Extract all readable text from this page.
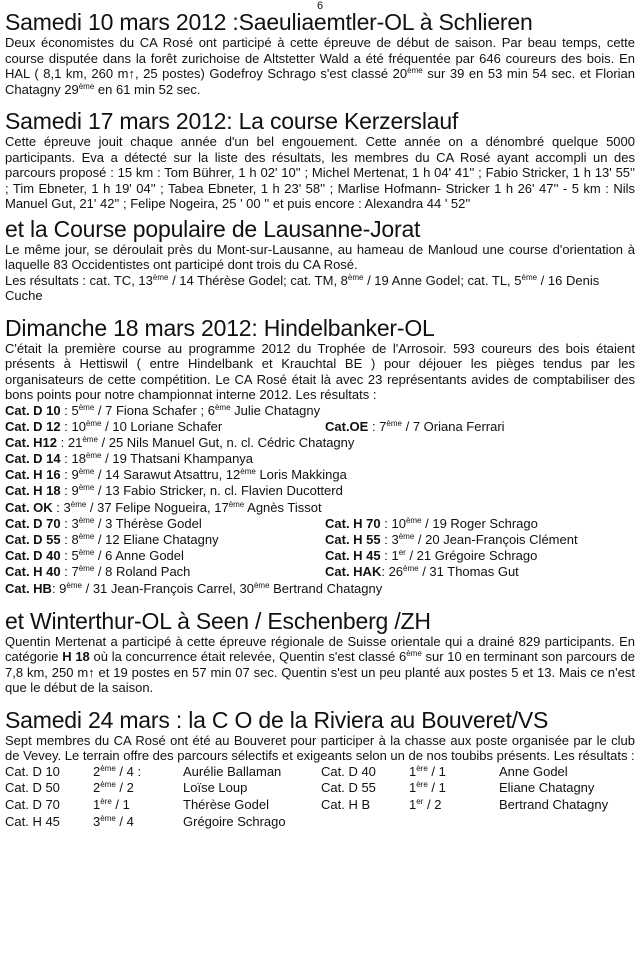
6
Samedi 10 mars 2012 :Saeuliaemtler-OL à Schlieren

Deux économistes du CA Rosé ont participé à cette épreuve de début de saison. Par beau temps, cette course disputée dans la forêt zurichoise de Altstetter Wald a été fréquentée par 646 coureurs des bois. En HAL ( 8,1 km, 260 m↑, 25 postes) Godefroy Schrago s'est classé 20ème sur 39 en 53 min 54 sec. et Florian Chatagny 29ème en 61 min 52 sec.

Samedi 17 mars 2012: La course Kerzerslauf

Cette épreuve jouit chaque année d'un bel engouement. Cette année on a dénombré quelque 5000 participants. Eva a détecté sur la liste des résultats, les membres du CA Rosé ayant accompli un des parcours proposé : 15 km : Tom Bührer, 1 h 02' 10'' ; Michel Mertenat, 1 h 04' 41'' ; Fabio Stricker, 1 h 13' 55'' ; Tim Ebneter, 1 h 19' 04'' ; Tabea Ebneter, 1 h 23' 58'' ; Marlise Hofmann- Stricker 1 h 26' 47'' - 5 km : Nils Manuel Gut, 21' 42'' ; Felipe Nogeira, 25 ' 00 '' et puis encore : Alexandra 44 ' 52''

et la Course populaire de Lausanne-Jorat

Le même jour, se déroulait près du Mont-sur-Lausanne, au hameau de Manloud une course d'orientation à laquelle 83 Occidentistes ont participé dont trois du CA Rosé.

Les résultats : cat. TC, 13ème / 14 Thérèse Godel; cat. TM, 8ème / 19 Anne Godel; cat. TL, 5ème / 16 Denis Cuche

Dimanche 18 mars 2012: Hindelbanker-OL

C'était la première course au programme 2012 du Trophée de l'Arrosoir. 593 coureurs des bois étaient présents à Hettiswil ( entre Hindelbank et Krauchtal BE ) pour déjouer les pièges tendus par les organisateurs de cette compétition. Le CA Rosé était là avec 23 représentants avides de comptabiliser des bons points pour notre championnat interne 2012. Les résultats :

Cat. D 10 : 5ème / 7 Fiona Schafer ; 6ème Julie Chatagny
Cat. D 12 : 10ème / 10 Loriane Schafer	Cat.OE : 7ème / 7 Oriana Ferrari
Cat. H12 : 21ème / 25 Nils Manuel Gut, n. cl. Cédric Chatagny
Cat. D 14 : 18ème / 19 Thatsani Khampanya
Cat. H 16 : 9ème / 14 Sarawut Atsattru, 12ème Loris Makkinga
Cat. H 18 : 9ème / 13 Fabio Stricker, n. cl. Flavien Ducotterd
Cat. OK : 3ème / 37 Felipe Nogueira, 17ème Agnès Tissot
Cat. D 70 : 3ème / 3 Thérèse Godel	Cat. H 70 : 10ème / 19 Roger Schrago
Cat. D 55 : 8ème / 12 Eliane Chatagny	Cat. H 55 : 3ème / 20 Jean-François Clément
Cat. D 40 : 5ème / 6 Anne Godel	Cat. H 45 : 1er / 21 Grégoire Schrago
Cat. H 40 : 7ème / 8 Roland Pach	Cat. HAK: 26ème / 31 Thomas Gut
Cat. HB: 9ème / 31 Jean-François Carrel, 30ème Bertrand Chatagny
et Winterthur-OL à Seen / Eschenberg /ZH

Quentin Mertenat a participé à cette épreuve régionale de Suisse orientale qui a drainé 829 participants. En catégorie H 18 où la concurrence était relevée, Quentin s'est classé 6ème sur 10 en terminant son parcours de 7,8 km, 250 m↑ et 19 postes en 57 min 07 sec. Quentin s'est un peu planté aux postes 5 et 13. Mais ce n'est que le début de la saison.

Samedi 24 mars : la C O de la Riviera au Bouveret/VS

Sept membres du CA Rosé ont été au Bouveret pour participer à la chasse aux poste organisée par le club de Vevey. Le terrain offre des parcours sélectifs et exigeants selon un de nos toubibs présents. Les résultats :

Cat. D 10	2ème / 4 :	Aurélie Ballaman	Cat. D 40	1ère / 1	Anne Godel
Cat. D 50	2ème / 2	Loïse Loup	Cat. D 55	1ère / 1	Eliane Chatagny
Cat. D 70	1ère / 1	Thérèse Godel	Cat. H B	1er / 2	Bertrand Chatagny
Cat. H 45	3ème / 4	Grégoire Schrago
